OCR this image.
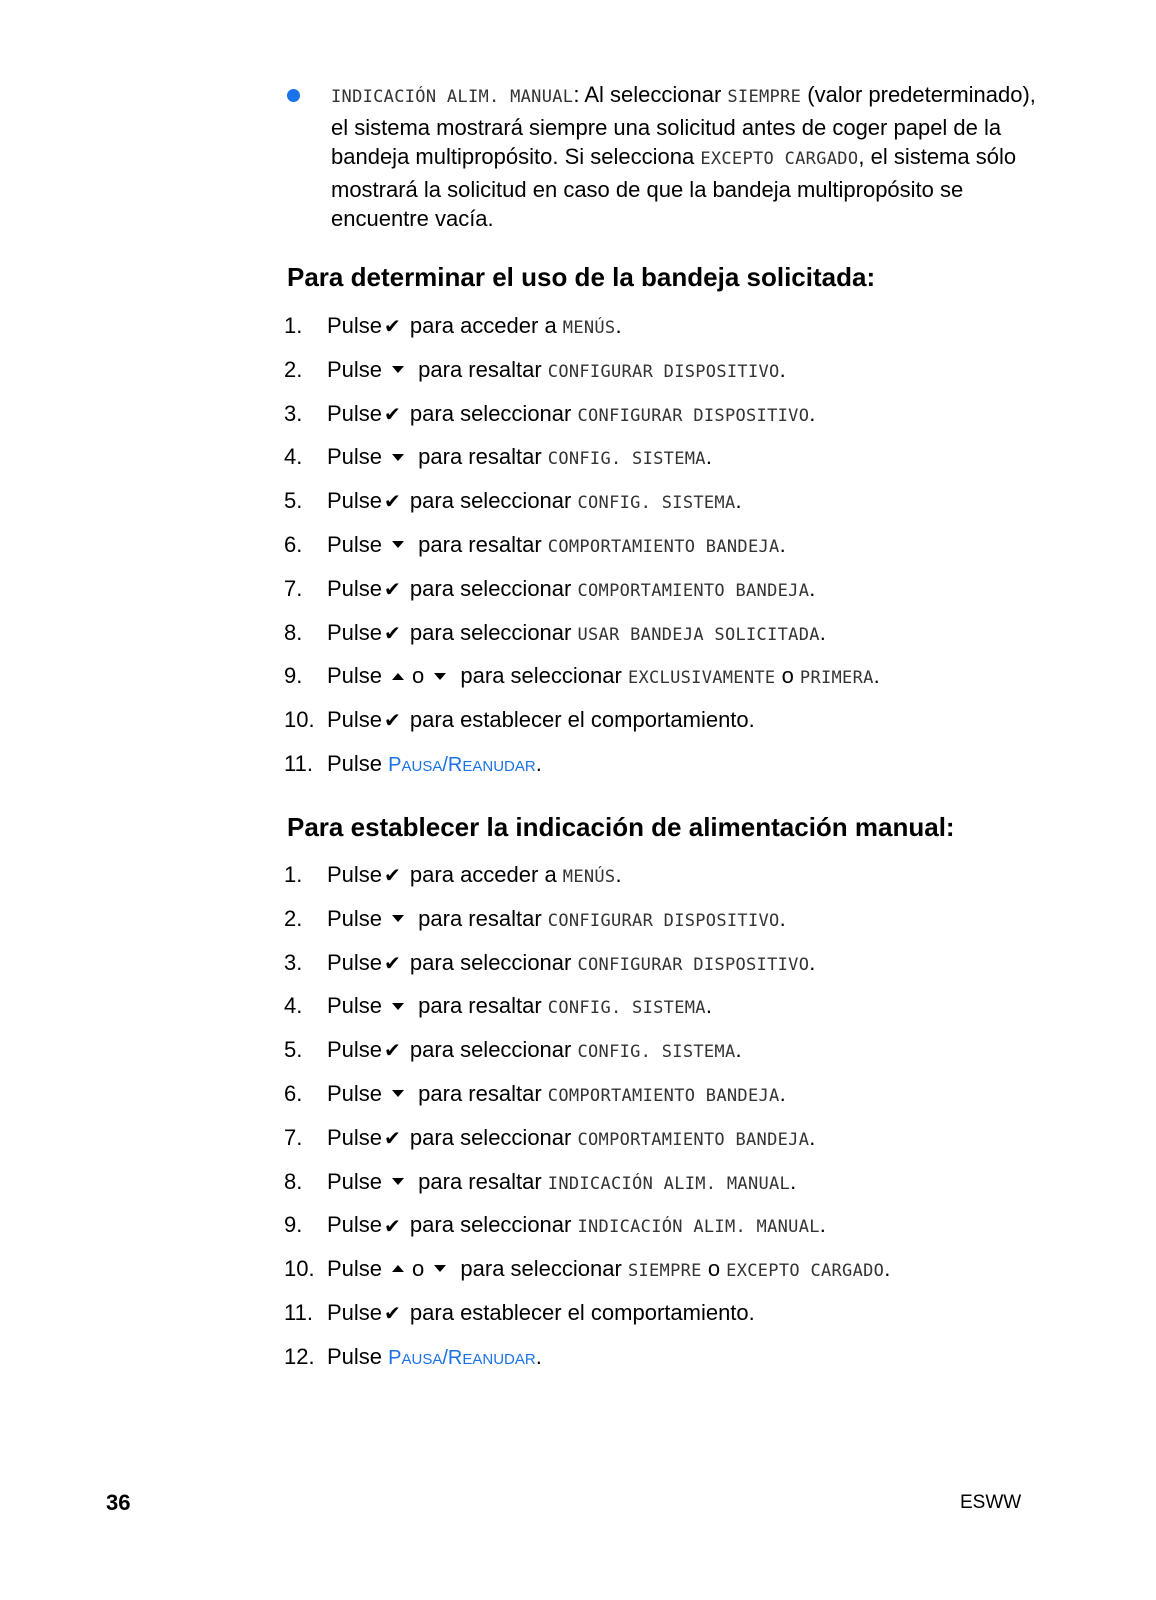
INDICACIÓN ALIM. MANUAL: Al seleccionar SIEMPRE (valor predeterminado), el sistema mostrará siempre una solicitud antes de coger papel de la bandeja multipropósito. Si selecciona EXCEPTO CARGADO, el sistema sólo mostrará la solicitud en caso de que la bandeja multipropósito se encuentre vacía.
Para determinar el uso de la bandeja solicitada:
1.	Pulse ✔ para acceder a MENÚS.
2.	Pulse para resaltar CONFIGURAR DISPOSITIVO.
3.	Pulse ✔ para seleccionar CONFIGURAR DISPOSITIVO.
4.	Pulse para resaltar CONFIG. SISTEMA.
5.	Pulse ✔ para seleccionar CONFIG. SISTEMA.
6.	Pulse para resaltar COMPORTAMIENTO BANDEJA.
7.	Pulse ✔ para seleccionar COMPORTAMIENTO BANDEJA.
8.	Pulse ✔ para seleccionar USAR BANDEJA SOLICITADA.
9.	Pulse o para seleccionar EXCLUSIVAMENTE o PRIMERA.
10. Pulse ✔ para establecer el comportamiento.
11. Pulse PAUSA/REANUDAR.
Para establecer la indicación de alimentación manual:
1.	Pulse ✔ para acceder a MENÚS.
2.	Pulse para resaltar CONFIGURAR DISPOSITIVO.
3.	Pulse ✔ para seleccionar CONFIGURAR DISPOSITIVO.
4.	Pulse para resaltar CONFIG. SISTEMA.
5.	Pulse ✔ para seleccionar CONFIG. SISTEMA.
6.	Pulse para resaltar COMPORTAMIENTO BANDEJA.
7.	Pulse ✔ para seleccionar COMPORTAMIENTO BANDEJA.
8.	Pulse para resaltar INDICACIÓN ALIM. MANUAL.
9.	Pulse ✔ para seleccionar INDICACIÓN ALIM. MANUAL.
10. Pulse o para seleccionar SIEMPRE o EXCEPTO CARGADO.
11. Pulse ✔ para establecer el comportamiento.
12. Pulse PAUSA/REANUDAR.
36	ESWW
